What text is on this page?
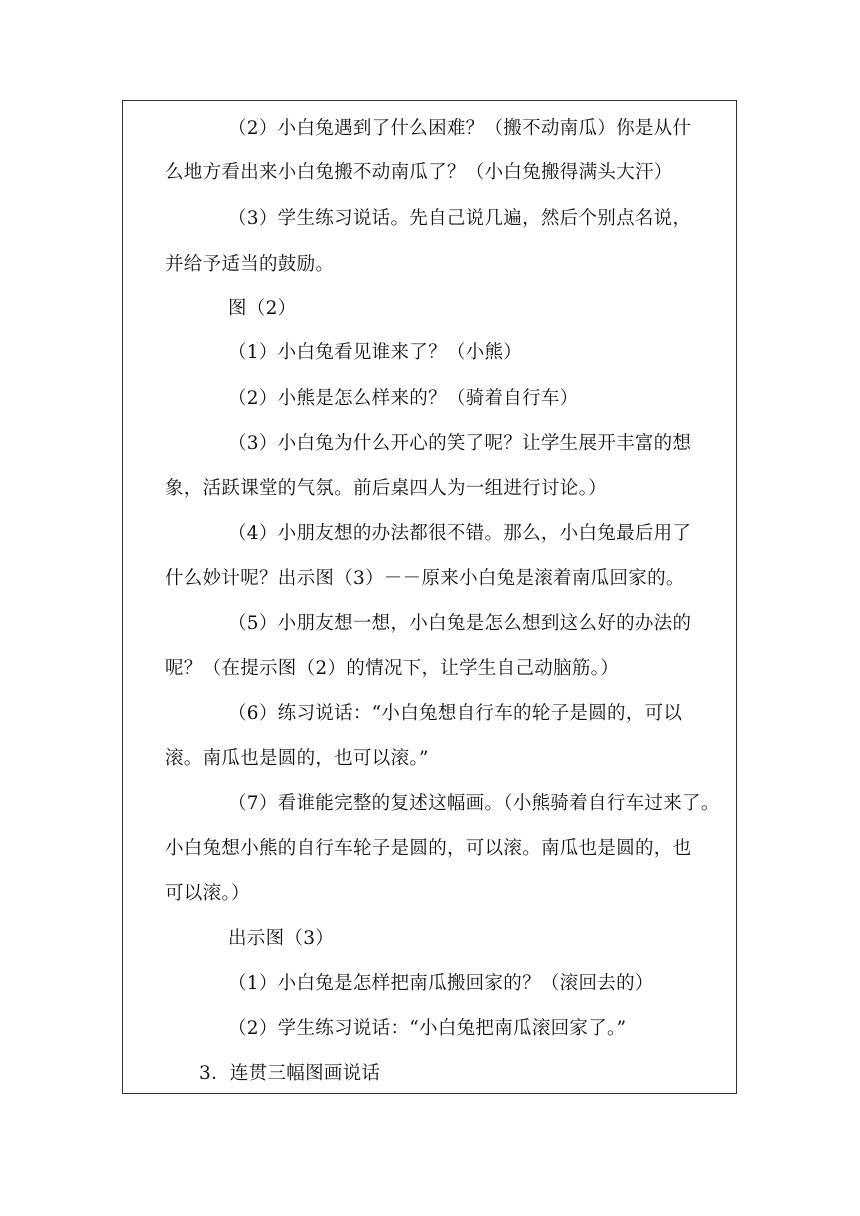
（2）小白兔遇到了什么困难？（搬不动南瓜）你是从什
么地方看出来小白兔搬不动南瓜了？（小白兔搬得满头大汗）
（3）学生练习说话。先自己说几遍，然后个别点名说，
并给予适当的鼓励。
图（2）
（1）小白兔看见谁来了？（小熊）
（2）小熊是怎么样来的？（骑着自行车）
（3）小白兔为什么开心的笑了呢？让学生展开丰富的想
象，活跃课堂的气氛。前后桌四人为一组进行讨论。）
（4）小朋友想的办法都很不错。那么，小白兔最后用了
什么妙计呢？出示图（3）－－原来小白兔是滚着南瓜回家的。
（5）小朋友想一想，小白兔是怎么想到这么好的办法的
呢？（在提示图（2）的情况下，让学生自己动脑筋。）
（6）练习说话：“小白兔想自行车的轮子是圆的，可以
滚。南瓜也是圆的，也可以滚。”
（7）看谁能完整的复述这幅画。（小熊骑着自行车过来了。
小白兔想小熊的自行车轮子是圆的，可以滚。南瓜也是圆的，也
可以滚。）
出示图（3）
（1）小白兔是怎样把南瓜搬回家的？（滚回去的）
（2）学生练习说话：“小白兔把南瓜滚回家了。”
3．连贯三幅图画说话
